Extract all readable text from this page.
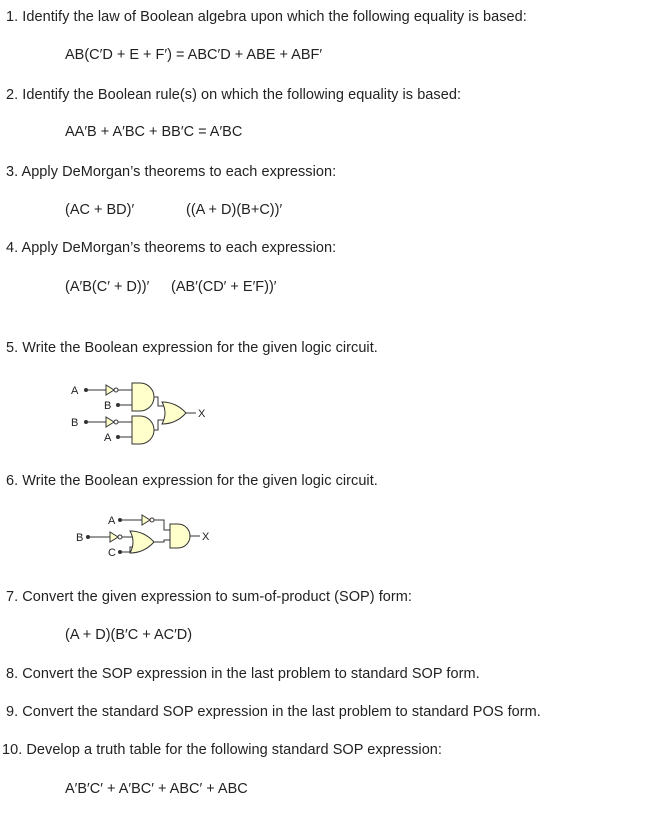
1. Identify the law of Boolean algebra upon which the following equality is based:
AB(C′D + E + F′) = ABC′D + ABE + ABF′
2. Identify the Boolean rule(s) on which the following equality is based:
AA′B + A′BC + BB′C = A′BC
3. Apply DeMorgan’s theorems to each expression:
(AC + BD)′	((A + D)(B+C))′
4. Apply DeMorgan’s theorems to each expression:
(A′B(C′ + D))′ (AB′(CD′ + E′F))′
5. Write the Boolean expression for the given logic circuit.
A
B
B
A
X
6. Write the Boolean expression for the given logic circuit.
A
B
C
X
7. Convert the given expression to sum-of-product (SOP) form:
(A + D)(B′C + AC′D)
8. Convert the SOP expression in the last problem to standard SOP form.
9. Convert the standard SOP expression in the last problem to standard POS form.
10. Develop a truth table for the following standard SOP expression:
A′B′C′ + A′BC′ + ABC′ + ABC
